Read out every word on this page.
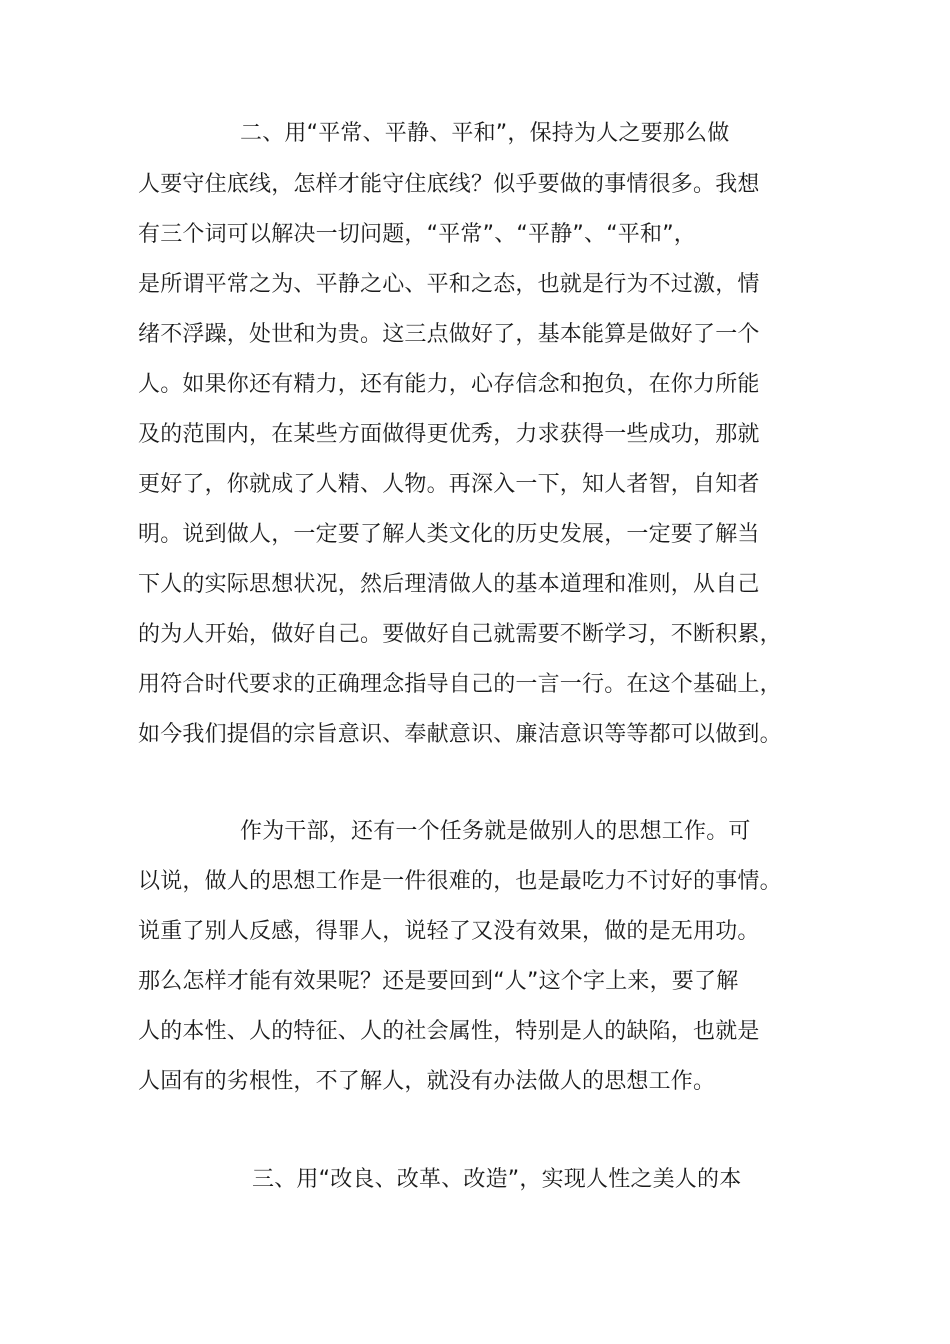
二、用“平常、平静、平和”，保持为人之要那么做
人要守住底线，怎样才能守住底线？似乎要做的事情很多。我想
有三个词可以解决一切问题，“平常”、“平静”、“平和”，
是所谓平常之为、平静之心、平和之态，也就是行为不过激，情
绪不浮躁，处世和为贵。这三点做好了，基本能算是做好了一个
人。如果你还有精力，还有能力，心存信念和抱负，在你力所能
及的范围内，在某些方面做得更优秀，力求获得一些成功，那就
更好了，你就成了人精、人物。再深入一下，知人者智，自知者
明。说到做人，一定要了解人类文化的历史发展，一定要了解当
下人的实际思想状况，然后理清做人的基本道理和准则，从自己
的为人开始，做好自己。要做好自己就需要不断学习，不断积累，
用符合时代要求的正确理念指导自己的一言一行。在这个基础上，
如今我们提倡的宗旨意识、奉献意识、廉洁意识等等都可以做到。
作为干部，还有一个任务就是做别人的思想工作。可
以说，做人的思想工作是一件很难的，也是最吃力不讨好的事情。
说重了别人反感，得罪人，说轻了又没有效果，做的是无用功。
那么怎样才能有效果呢？还是要回到“人”这个字上来，要了解
人的本性、人的特征、人的社会属性，特别是人的缺陷，也就是
人固有的劣根性，不了解人，就没有办法做人的思想工作。
三、用“改良、改革、改造”，实现人性之美人的本
